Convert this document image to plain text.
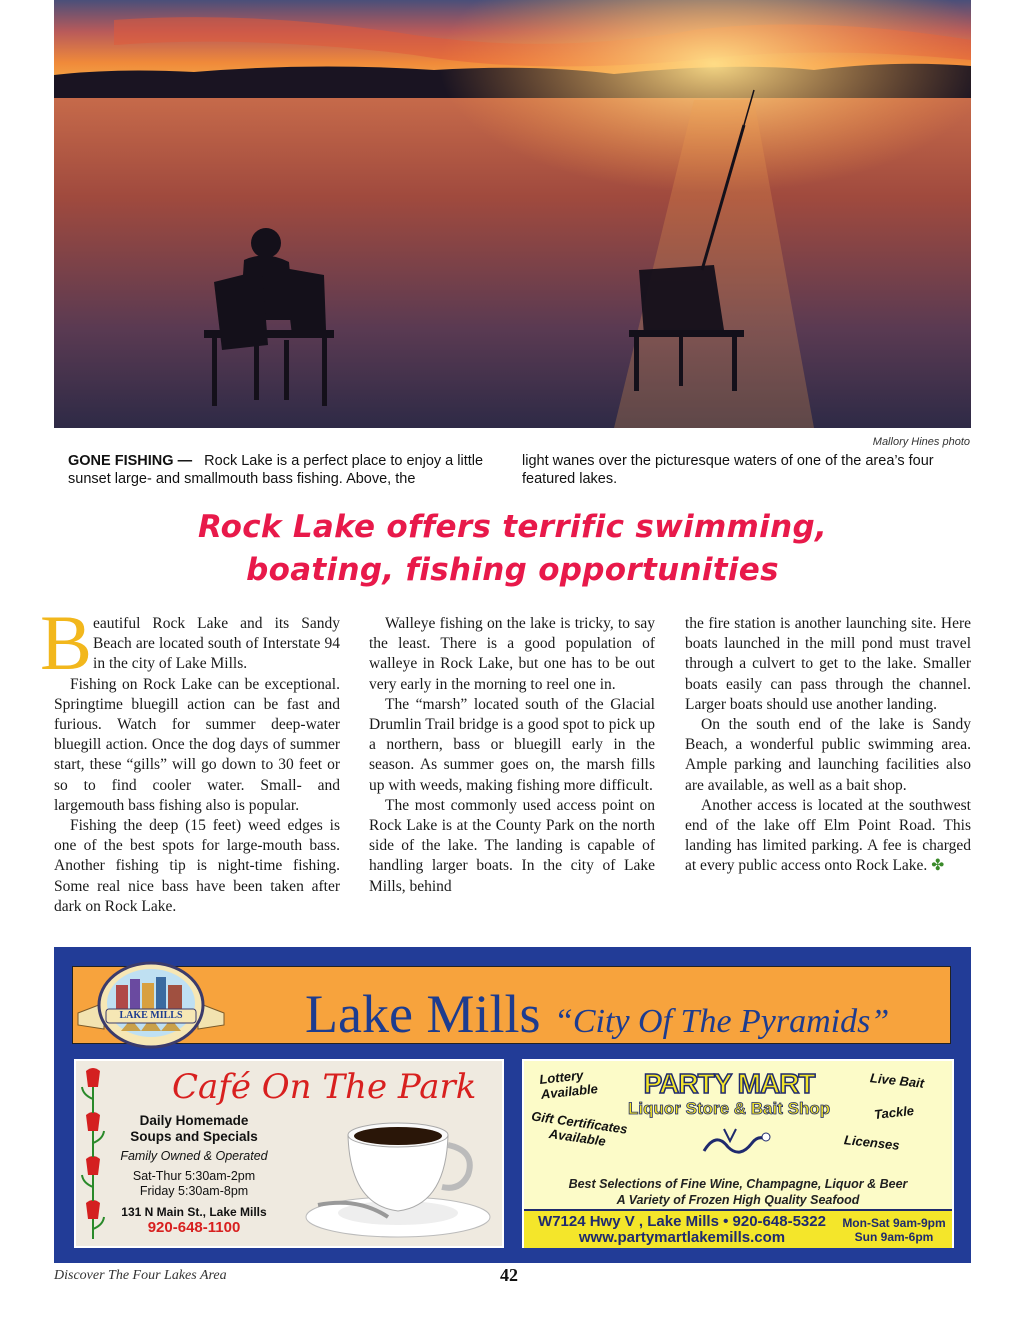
Mallory Hines photo
GONE FISHING — Rock Lake is a perfect place to enjoy a little sunset large- and smallmouth bass fishing. Above, the
light wanes over the picturesque waters of one of the area’s four featured lakes.
Rock Lake offers terrific swimming,
boating, fishing opportunities

Beautiful Rock Lake and its Sandy Beach are located south of Interstate 94 in the city of Lake Mills.

Fishing on Rock Lake can be exceptional. Springtime bluegill action can be fast and furious. Watch for summer deep-water bluegill action. Once the dog days of summer start, these “gills” will go down to 30 feet or so to find cooler water. Small- and largemouth bass fishing also is popular.

Fishing the deep (15 feet) weed edges is one of the best spots for large-mouth bass. Another fishing tip is night-time fishing. Some real nice bass have been taken after dark on Rock Lake.

Walleye fishing on the lake is tricky, to say the least. There is a good population of walleye in Rock Lake, but one has to be out very early in the morning to reel one in.

The “marsh” located south of the Glacial Drumlin Trail bridge is a good spot to pick up a northern, bass or bluegill early in the season. As summer goes on, the marsh fills up with weeds, making fishing more difficult.

The most commonly used access point on Rock Lake is at the County Park on the north side of the lake. The landing is capable of handling larger boats. In the city of Lake Mills, behind

the fire station is another launching site. Here boats launched in the mill pond must travel through a culvert to get to the lake. Smaller boats easily can pass through the channel. Larger boats should use another landing.

On the south end of the lake is Sandy Beach, a wonderful public swimming area. Ample parking and launching facilities also are available, as well as a bait shop.

Another access is located at the southwest end of the lake off Elm Point Road. This landing has limited parking. A fee is charged at every public access onto Rock Lake. ✤

Lake Mills “City Of The Pyramids”
LAKE MILLS
Café On The Park
Daily Homemade
Soups and Specials
Family Owned & Operated
Sat-Thur 5:30am-2pm
Friday 5:30am-8pm
131 N Main St., Lake Mills
920-648-1100
PARTY MART
Liquor Store & Bait Shop
Lottery
Available
Gift Certificates
Available
Live Bait
Tackle
Licenses
Best Selections of Fine Wine, Champagne, Liquor & Beer
A Variety of Frozen High Quality Seafood
W7124 Hwy V , Lake Mills • 920-648-5322
www.partymartlakemills.com
Mon-Sat 9am-9pm
Sun 9am-6pm
Discover The Four Lakes Area	42
